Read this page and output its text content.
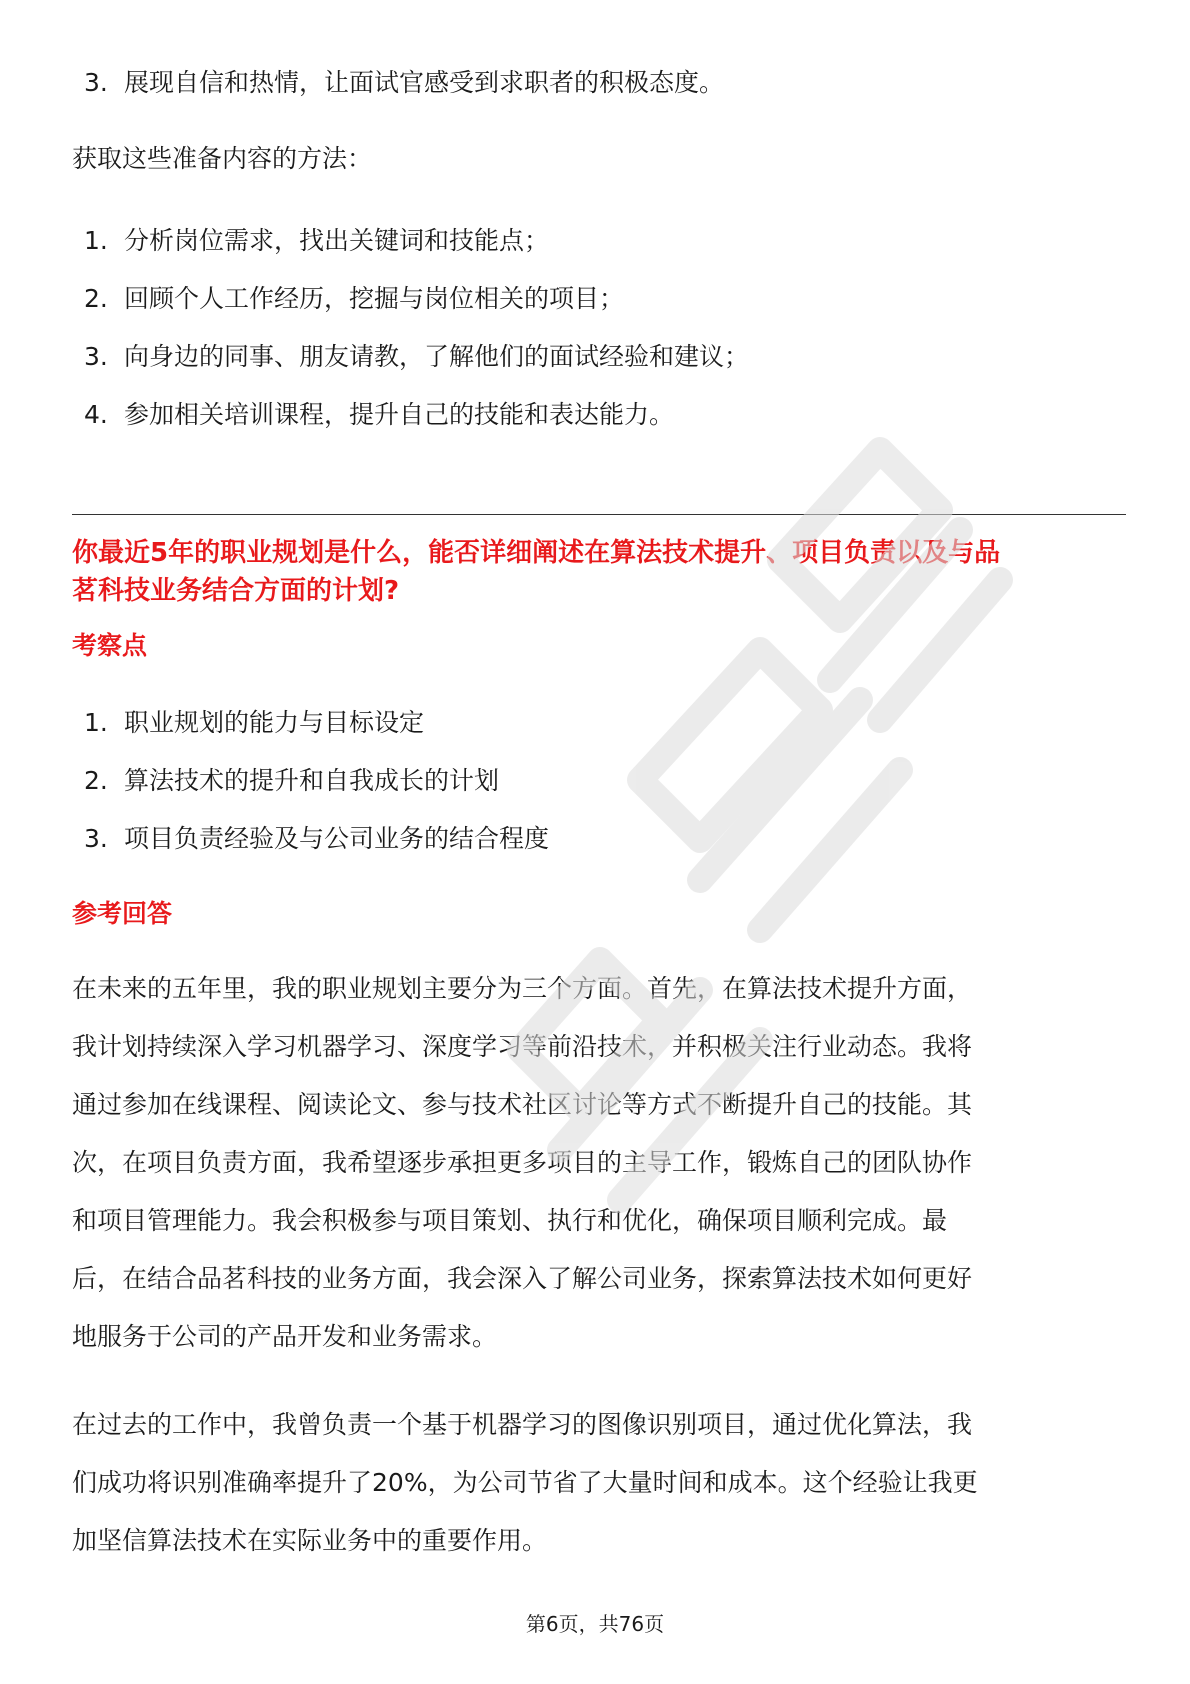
3. 展现自信和热情，让面试官感受到求职者的积极态度。
获取这些准备内容的方法：
1. 分析岗位需求，找出关键词和技能点；
2. 回顾个人工作经历，挖掘与岗位相关的项目；
3. 向身边的同事、朋友请教，了解他们的面试经验和建议；
4. 参加相关培训课程，提升自己的技能和表达能力。
你最近5年的职业规划是什么，能否详细阐述在算法技术提升、项目负责以及与品
茗科技业务结合方面的计划?
考察点
1. 职业规划的能力与目标设定
2. 算法技术的提升和自我成长的计划
3. 项目负责经验及与公司业务的结合程度
参考回答
在未来的五年里，我的职业规划主要分为三个方面。首先，在算法技术提升方面，
我计划持续深入学习机器学习、深度学习等前沿技术，并积极关注行业动态。我将
通过参加在线课程、阅读论文、参与技术社区讨论等方式不断提升自己的技能。其
次，在项目负责方面，我希望逐步承担更多项目的主导工作，锻炼自己的团队协作
和项目管理能力。我会积极参与项目策划、执行和优化，确保项目顺利完成。最
后，在结合品茗科技的业务方面，我会深入了解公司业务，探索算法技术如何更好
地服务于公司的产品开发和业务需求。
在过去的工作中，我曾负责一个基于机器学习的图像识别项目，通过优化算法，我
们成功将识别准确率提升了20%，为公司节省了大量时间和成本。这个经验让我更
加坚信算法技术在实际业务中的重要作用。
第6页，共76页
